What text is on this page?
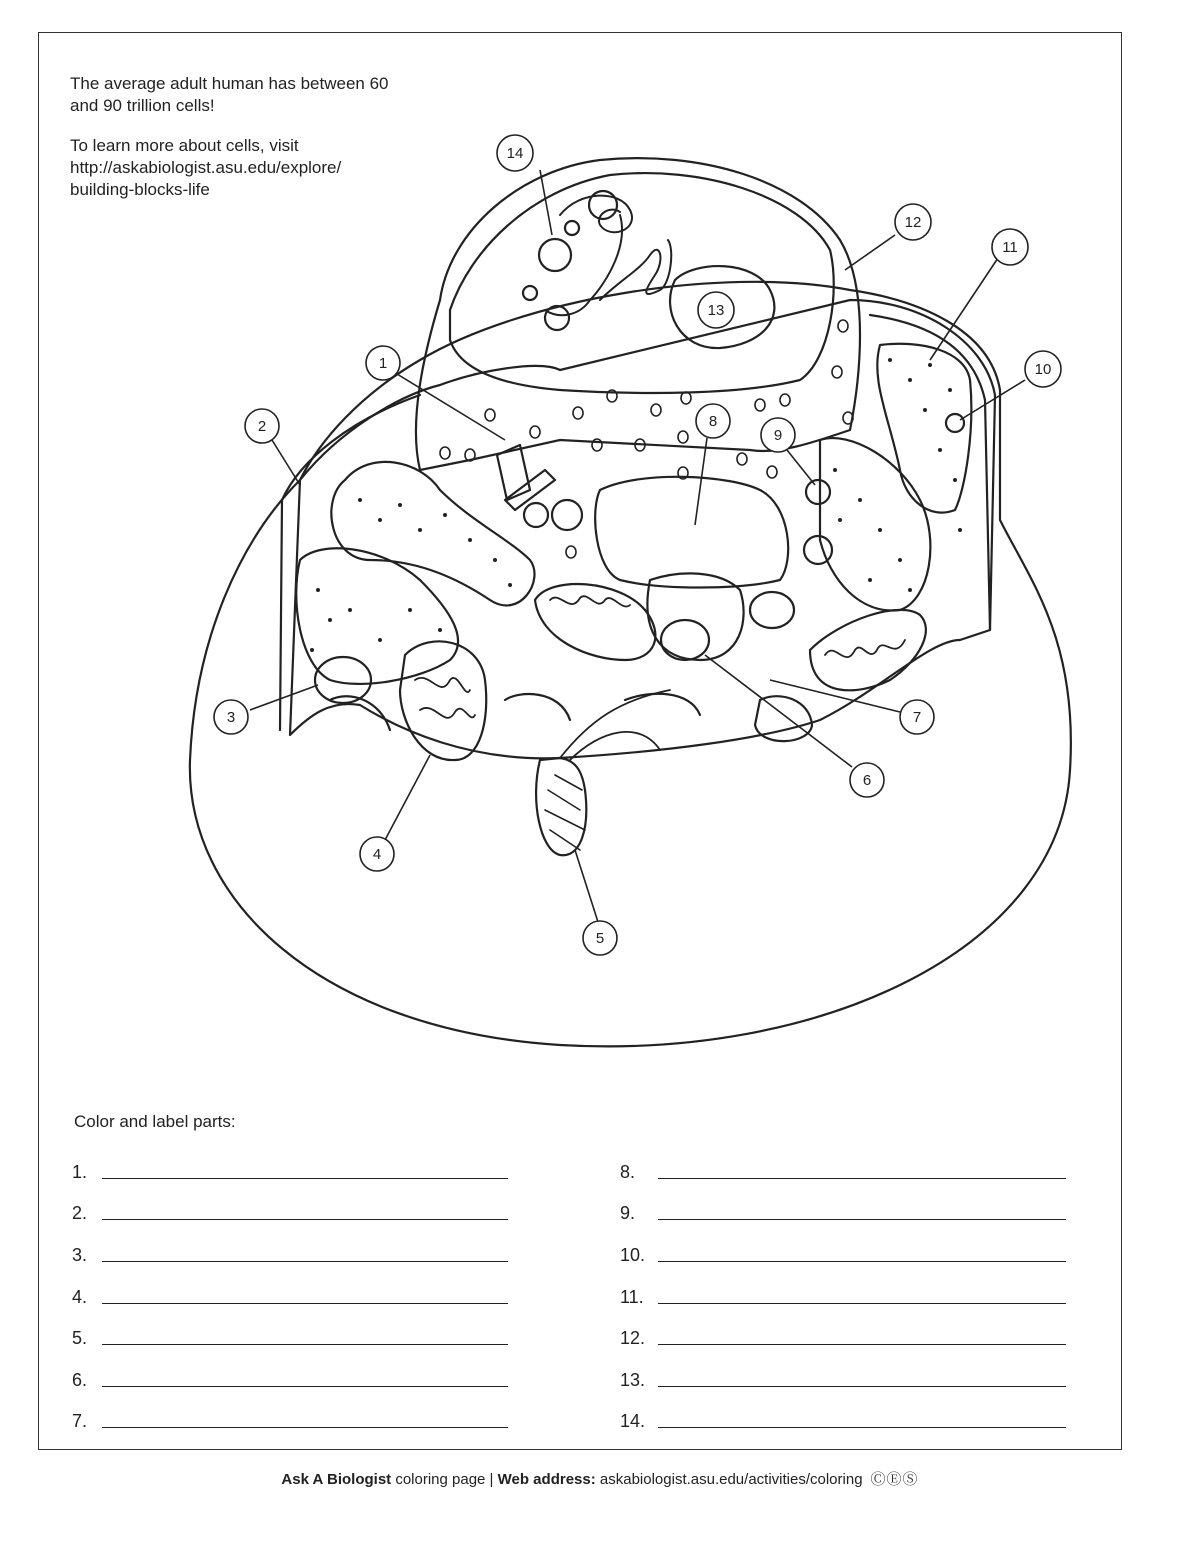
The average adult human has between 60
and 90 trillion cells!

To learn more about cells, visit
http://askabiologist.asu.edu/explore/
building-blocks-life

1
2
3
4
5
6
7
8
9
10
11
12
13
14
Color and label parts:
1.
2.
3.
4.
5.
6.
7.
8.
9.
10.
11.
12.
13.
14.
Ask A Biologist coloring page | Web address: askabiologist.asu.edu/activities/coloring ⒸⒺⓈ
